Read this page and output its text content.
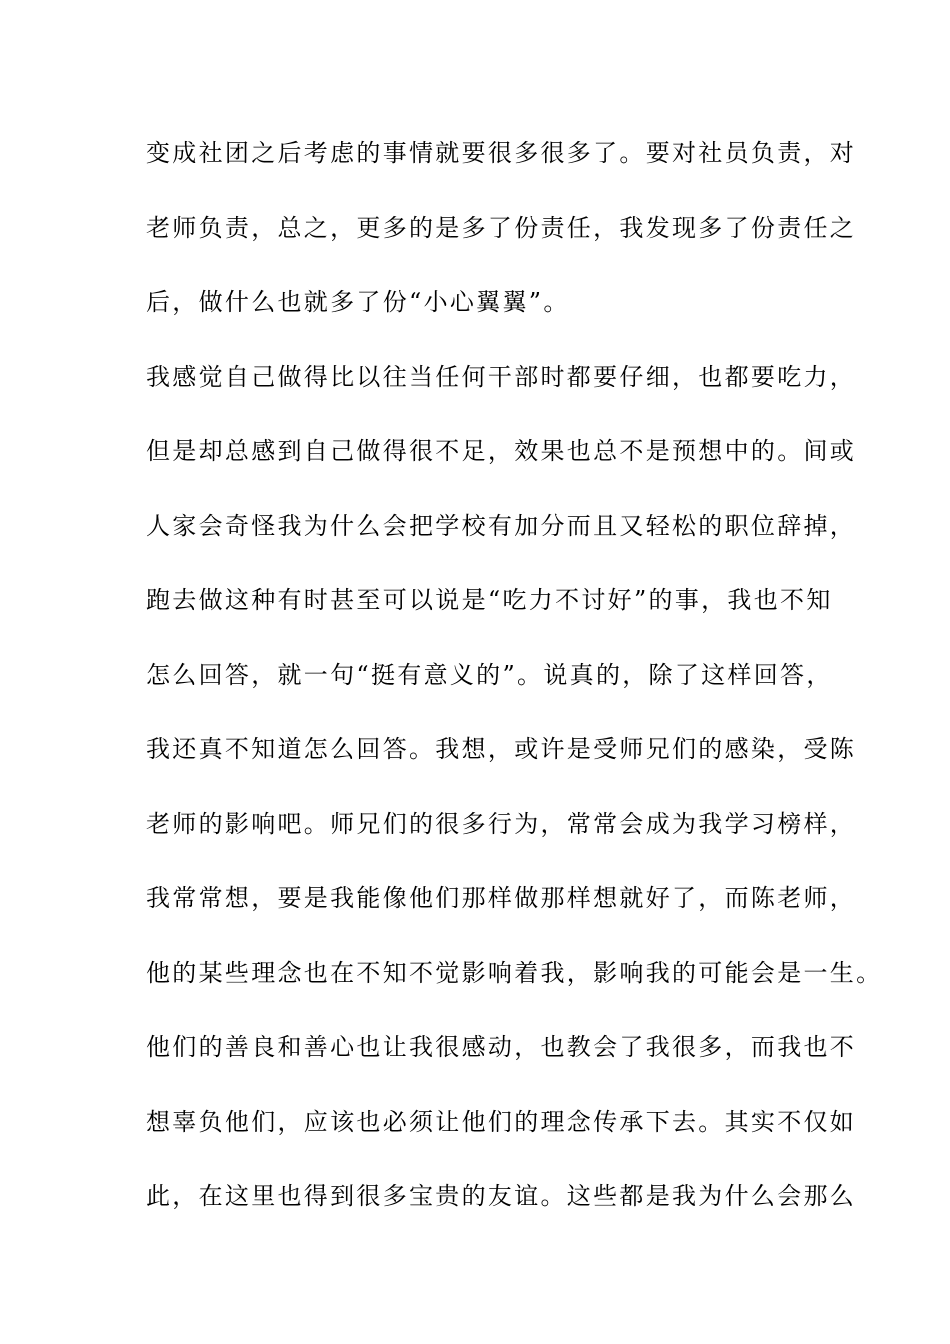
变成社团之后考虑的事情就要很多很多了。要对社员负责，对
老师负责，总之，更多的是多了份责任，我发现多了份责任之
后，做什么也就多了份“小心翼翼”。
我感觉自己做得比以往当任何干部时都要仔细，也都要吃力，
但是却总感到自己做得很不足，效果也总不是预想中的。间或
人家会奇怪我为什么会把学校有加分而且又轻松的职位辞掉，
跑去做这种有时甚至可以说是“吃力不讨好”的事，我也不知
怎么回答，就一句“挺有意义的”。说真的，除了这样回答，
我还真不知道怎么回答。我想，或许是受师兄们的感染，受陈
老师的影响吧。师兄们的很多行为，常常会成为我学习榜样，
我常常想，要是我能像他们那样做那样想就好了，而陈老师，
他的某些理念也在不知不觉影响着我，影响我的可能会是一生。
他们的善良和善心也让我很感动，也教会了我很多，而我也不
想辜负他们，应该也必须让他们的理念传承下去。其实不仅如
此，在这里也得到很多宝贵的友谊。这些都是我为什么会那么
